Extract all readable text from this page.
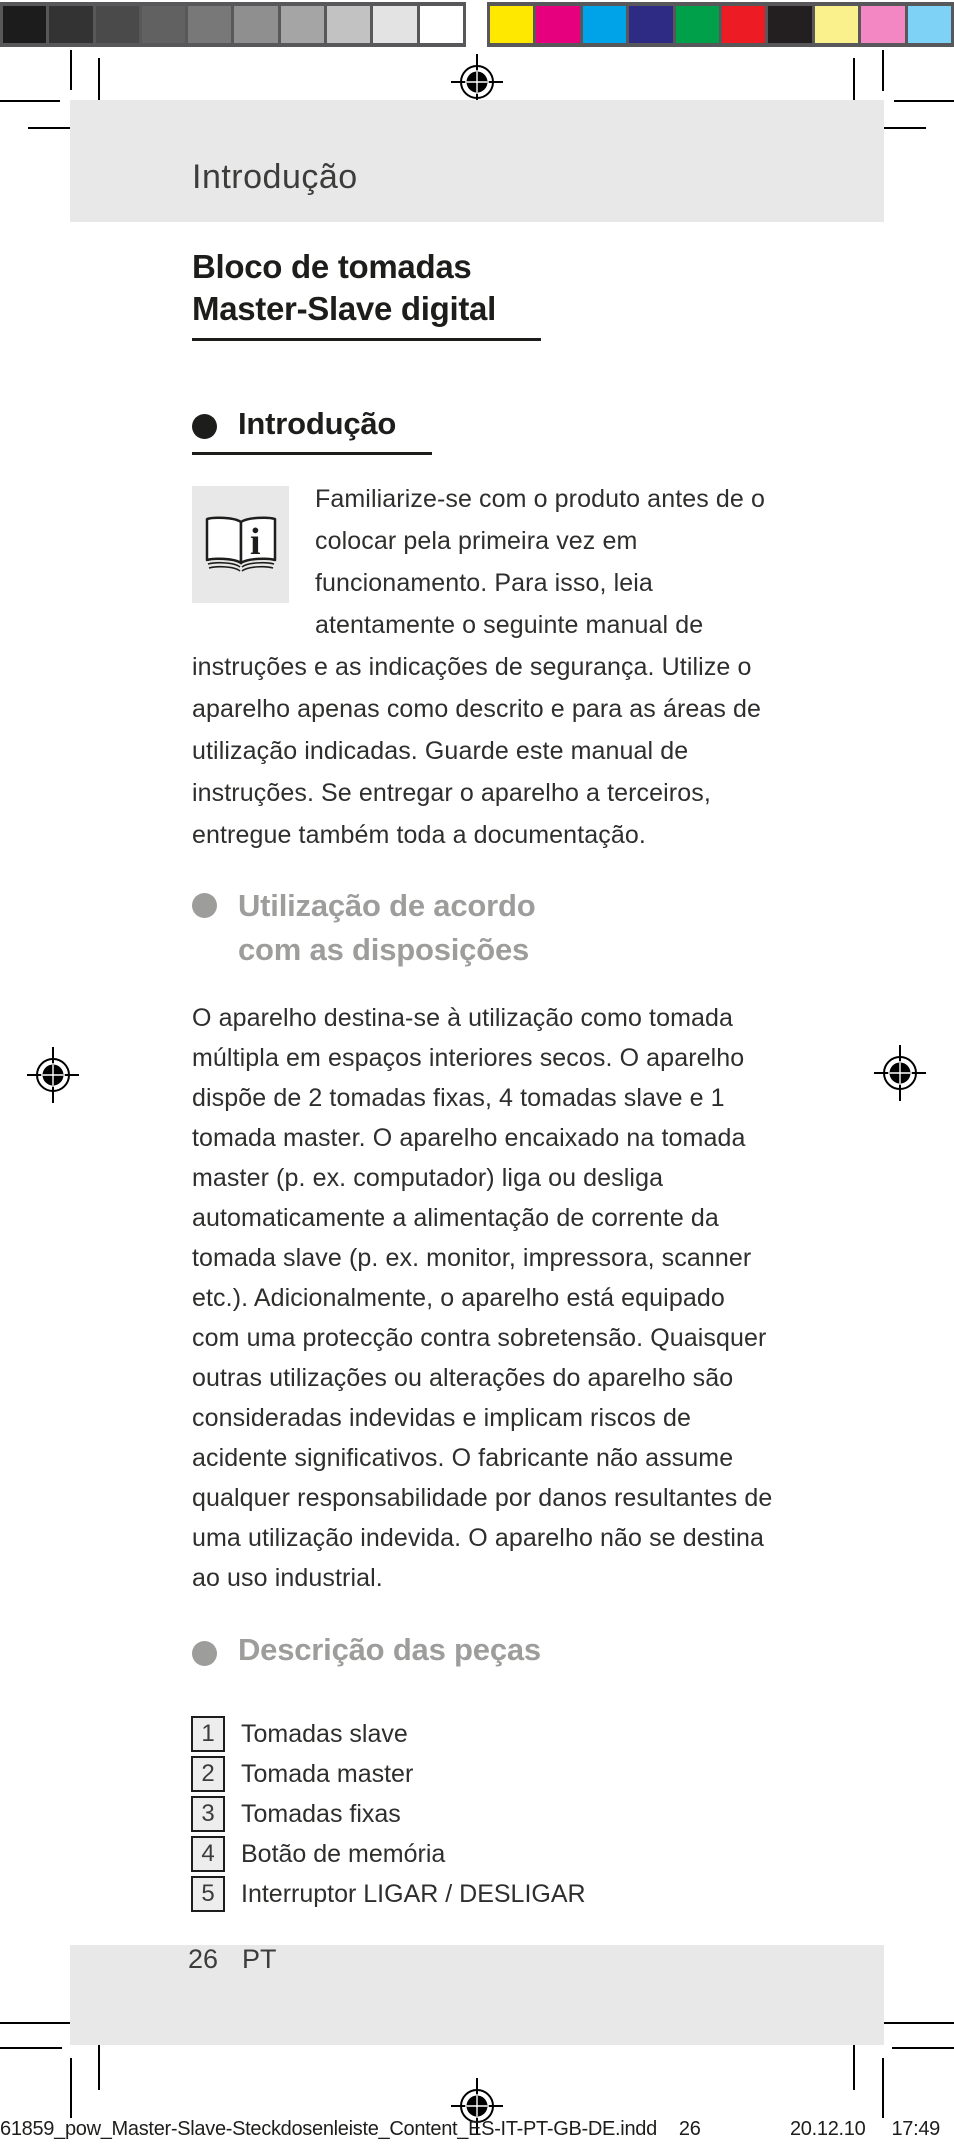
Introdução
Bloco de tomadas
Master-Slave digital
Introdução
i
Familiarize-se com o produto antes de o colocar pela primeira vez em funcionamento. Para isso, leia atentamente o seguinte manual de instruções e as indicações de segurança. Utilize o aparelho apenas como descrito e para as áreas de utilização indicadas. Guarde este manual de instruções. Se entregar o aparelho a terceiros, entregue também toda a documentação.
Utilização de acordo
com as disposições
O aparelho destina-se à utilização como tomada múltipla em espaços interiores secos. O aparelho dispõe de 2 tomadas fixas, 4 tomadas slave e 1 tomada master. O aparelho encaixado na tomada master (p. ex. computador) liga ou desliga automaticamente a alimentação de corrente da tomada slave (p. ex. monitor, impressora, scanner etc.). Adicionalmente, o aparelho está equipado com uma protecção contra sobretensão. Quaisquer outras utilizações ou alterações do aparelho são consideradas indevidas e implicam riscos de acidente significativos. O fabricante não assume qualquer responsabilidade por danos resultantes de uma utilização indevida. O aparelho não se destina ao uso industrial.
Descrição das peças
1	Tomadas slave
2	Tomada master
3	Tomadas fixas
4	Botão de memória
5	Interruptor LIGAR / DESLIGAR
26 PT
61859_pow_Master-Slave-Steckdosenleiste_Content_ES-IT-PT-GB-DE.indd 26	20.12.10 17:49
